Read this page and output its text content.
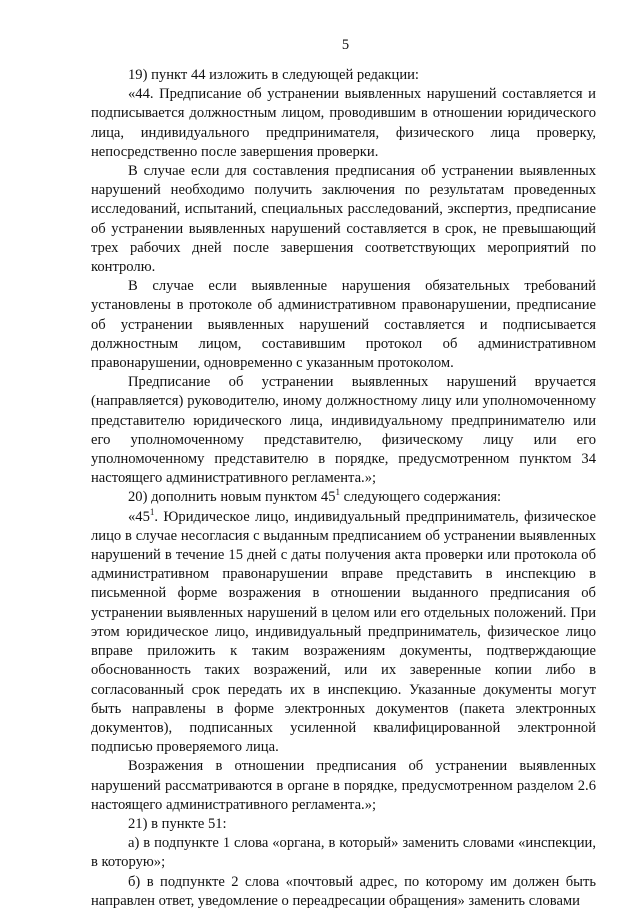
5

19) пункт 44 изложить в следующей редакции:

«44. Предписание об устранении выявленных нарушений составляется и подписывается должностным лицом, проводившим в отношении юридического лица, индивидуального предпринимателя, физического лица проверку, непосредственно после завершения проверки.

В случае если для составления предписания об устранении выявленных нарушений необходимо получить заключения по результатам проведенных исследований, испытаний, специальных расследований, экспертиз, предписание об устранении выявленных нарушений составляется в срок, не превышающий трех рабочих дней после завершения соответствующих мероприятий по контролю.

В случае если выявленные нарушения обязательных требований установлены в протоколе об административном правонарушении, предписание об устранении выявленных нарушений составляется и подписывается должностным лицом, составившим протокол об административном правонарушении, одновременно с указанным протоколом.

Предписание об устранении выявленных нарушений вручается (направляется) руководителю, иному должностному лицу или уполномоченному представителю юридического лица, индивидуальному предпринимателю или его уполномоченному представителю, физическому лицу или его уполномоченному представителю в порядке, предусмотренном пунктом 34 настоящего административного регламента.»;

20) дополнить новым пунктом $45^1$ следующего содержания:

«$45^1$. Юридическое лицо, индивидуальный предприниматель, физическое лицо в случае несогласия с выданным предписанием об устранении выявленных нарушений в течение 15 дней с даты получения акта проверки или протокола об административном правонарушении вправе представить в инспекцию в письменной форме возражения в отношении выданного предписания об устранении выявленных нарушений в целом или его отдельных положений. При этом юридическое лицо, индивидуальный предприниматель, физическое лицо вправе приложить к таким возражениям документы, подтверждающие обоснованность таких возражений, или их заверенные копии либо в согласованный срок передать их в инспекцию. Указанные документы могут быть направлены в форме электронных документов (пакета электронных документов), подписанных усиленной квалифицированной электронной подписью проверяемого лица.

Возражения в отношении предписания об устранении выявленных нарушений рассматриваются в органе в порядке, предусмотренном разделом 2.6 настоящего административного регламента.»;

21) в пункте 51:

а) в подпункте 1 слова «органа, в который» заменить словами «инспекции, в которую»;

б) в подпункте 2 слова «почтовый адрес, по которому им должен быть направлен ответ, уведомление о переадресации обращения» заменить словами
